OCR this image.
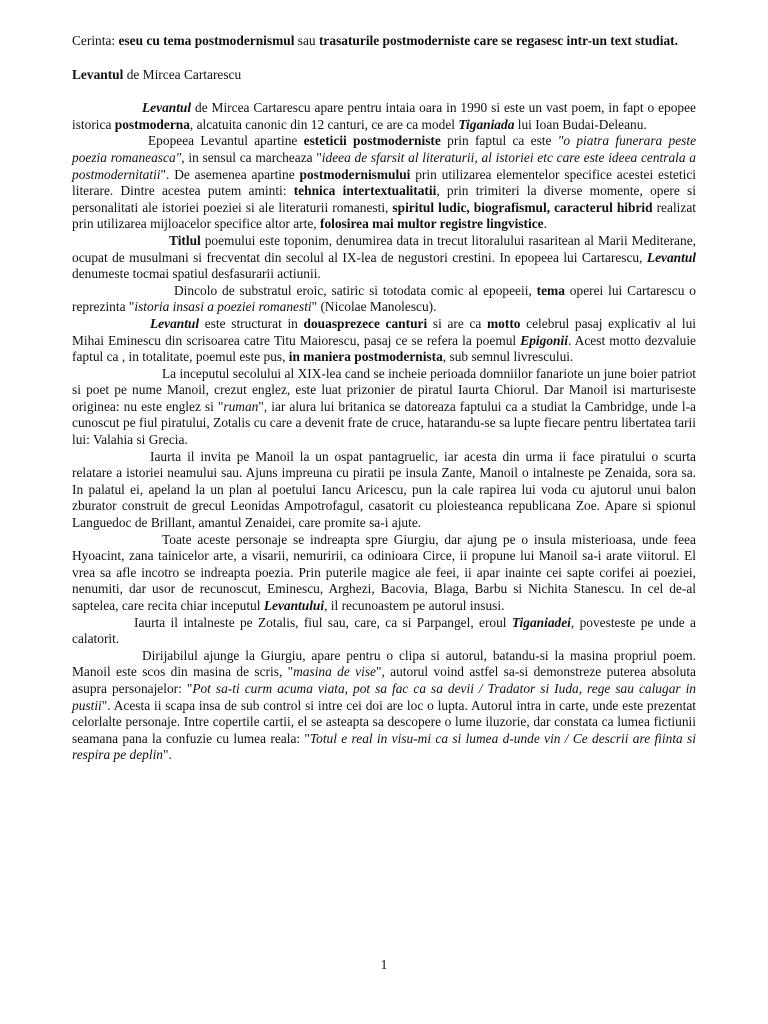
Cerinta: eseu cu tema postmodernismul sau trasaturile postmoderniste care se regasesc intr-un text studiat.

Levantul de Mircea Cartarescu

Levantul de Mircea Cartarescu apare pentru intaia oara in 1990 si este un vast poem, in fapt o epopee istorica postmoderna, alcatuita canonic din 12 canturi, ce are ca model Tiganiada lui Ioan Budai-Deleanu.

Epopeea Levantul apartine esteticii postmoderniste prin faptul ca este "o piatra funerara peste poezia romaneasca", in sensul ca marcheaza "ideea de sfarsit al literaturii, al istoriei etc care este ideea centrala a postmodernitatii". De asemenea apartine postmodernismului prin utilizarea elementelor specifice acestei estetici literare. Dintre acestea putem aminti: tehnica intertextualitatii, prin trimiteri la diverse momente, opere si personalitati ale istoriei poeziei si ale literaturii romanesti, spiritul ludic, biografismul, caracterul hibrid realizat prin utilizarea mijloacelor specifice altor arte, folosirea mai multor registre lingvistice.

Titlul poemului este toponim, denumirea data in trecut litoralului rasaritean al Marii Mediterane, ocupat de musulmani si frecventat din secolul al IX-lea de negustori crestini. In epopeea lui Cartarescu, Levantul denumeste tocmai spatiul desfasurarii actiunii.

Dincolo de substratul eroic, satiric si totodata comic al epopeeii, tema operei lui Cartarescu o reprezinta "istoria insasi a poeziei romanesti" (Nicolae Manolescu).

Levantul este structurat in douasprezece canturi si are ca motto celebrul pasaj explicativ al lui Mihai Eminescu din scrisoarea catre Titu Maiorescu, pasaj ce se refera la poemul Epigonii. Acest motto dezvaluie faptul ca , in totalitate, poemul este pus, in maniera postmodernista, sub semnul livrescului.

La inceputul secolului al XIX-lea cand se incheie perioada domniilor fanariote un june boier patriot si poet pe nume Manoil, crezut englez, este luat prizonier de piratul Iaurta Chiorul. Dar Manoil isi marturiseste originea: nu este englez si "ruman", iar alura lui britanica se datoreaza faptului ca a studiat la Cambridge, unde l-a cunoscut pe fiul piratului, Zotalis cu care a devenit frate de cruce, hatarandu-se sa lupte fiecare pentru libertatea tarii lui: Valahia si Grecia.

Iaurta il invita pe Manoil la un ospat pantagruelic, iar acesta din urma ii face piratului o scurta relatare a istoriei neamului sau. Ajuns impreuna cu piratii pe insula Zante, Manoil o intalneste pe Zenaida, sora sa. In palatul ei, apeland la un plan al poetului Iancu Aricescu, pun la cale rapirea lui voda cu ajutorul unui balon zburator construit de grecul Leonidas Ampotrofagul, casatorit cu ploiesteanca republicana Zoe. Apare si spionul Languedoc de Brillant, amantul Zenaidei, care promite sa-i ajute.

Toate aceste personaje se indreapta spre Giurgiu, dar ajung pe o insula misterioasa, unde feea Hyoacint, zana tainicelor arte, a visarii, nemuririi, ca odinioara Circe, ii propune lui Manoil sa-i arate viitorul. El vrea sa afle incotro se indreapta poezia. Prin puterile magice ale feei, ii apar inainte cei sapte corifei ai poeziei, nenumiti, dar usor de recunoscut, Eminescu, Arghezi, Bacovia, Blaga, Barbu si Nichita Stanescu. In cel de-al saptelea, care recita chiar inceputul Levantului, il recunoastem pe autorul insusi.

Iaurta il intalneste pe Zotalis, fiul sau, care, ca si Parpangel, eroul Tiganiadei, povesteste pe unde a calatorit.

Dirijabilul ajunge la Giurgiu, apare pentru o clipa si autorul, batandu-si la masina propriul poem. Manoil este scos din masina de scris, "masina de vise", autorul voind astfel sa-si demonstreze puterea absoluta asupra personajelor: "Pot sa-ti curm acuma viata, pot sa fac ca sa devii / Tradator si Iuda, rege sau calugar in pustii". Acesta ii scapa insa de sub control si intre cei doi are loc o lupta. Autorul intra in carte, unde este prezentat celorlalte personaje. Intre copertile cartii, el se asteapta sa descopere o lume iluzorie, dar constata ca lumea fictiunii seamana pana la confuzie cu lumea reala: "Totul e real in visu-mi ca si lumea d-unde vin / Ce descrii are fiinta si respira pe deplin".

1
